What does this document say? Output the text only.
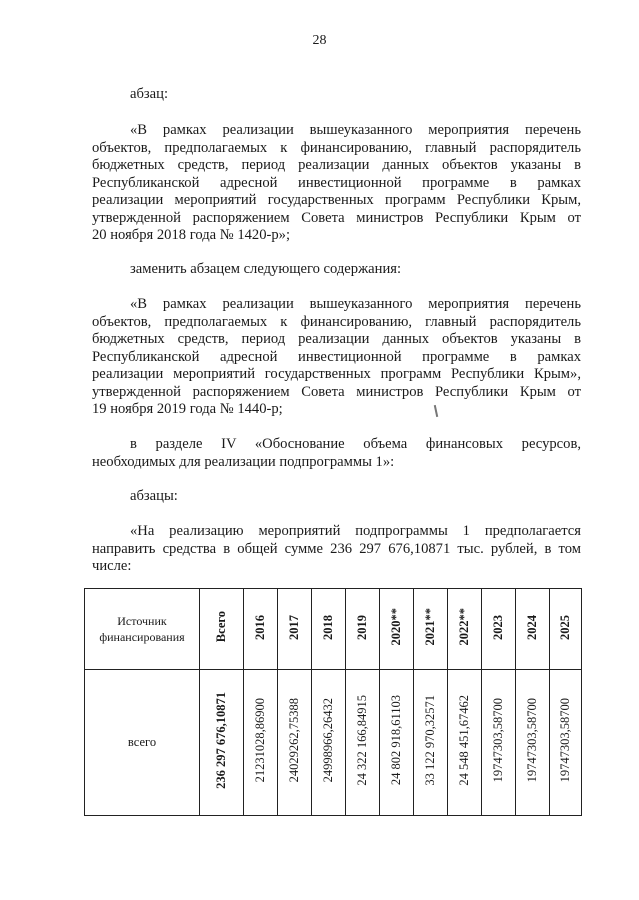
28
абзац:
«В рамках реализации вышеуказанного мероприятия перечень
объектов, предполагаемых к финансированию, главный распорядитель
бюджетных средств, период реализации данных объектов указаны в
Республиканской адресной инвестиционной программе в рамках
реализации мероприятий государственных программ Республики Крым,
утвержденной распоряжением Совета министров Республики Крым от
20 ноября 2018 года № 1420-р»;
заменить абзацем следующего содержания:
«В рамках реализации вышеуказанного мероприятия перечень
объектов, предполагаемых к финансированию, главный распорядитель
бюджетных средств, период реализации данных объектов указаны в
Республиканской адресной инвестиционной программе в рамках
реализации мероприятий государственных программ Республики Крым»,
утвержденной распоряжением Совета министров Республики Крым от
19 ноября 2019 года № 1440-р;
в разделе IV «Обоснование объема финансовых ресурсов,
необходимых для реализации подпрограммы 1»:
абзацы:
«На реализацию мероприятий подпрограммы 1 предполагается
направить средства в общей сумме 236 297 676,10871 тыс. рублей, в том
числе:
Источник финансирования	Всего	2016	2017	2018	2019	2020**	2021**	2022**	2023	2024	2025
всего	236 297 676,10871	21231028,86900	24029262,75388	24998966,26432	24 322 166,84915	24 802 918,61103	33 122 970,32571	24 548 451,67462	19747303,58700	19747303,58700	19747303,58700
